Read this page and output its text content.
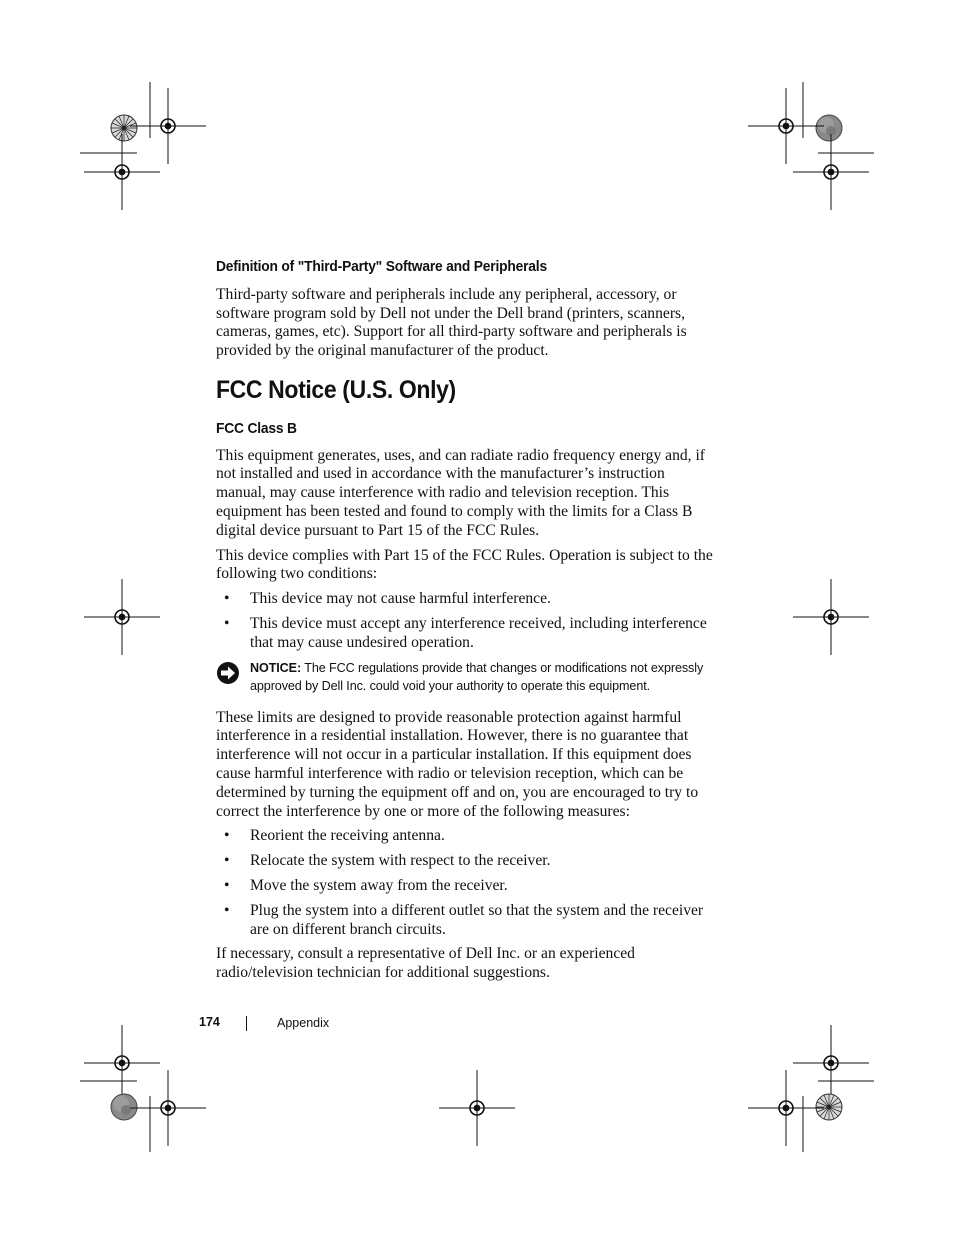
Definition of "Third-Party" Software and Peripherals

Third-party software and peripherals include any peripheral, accessory, or software program sold by Dell not under the Dell brand (printers, scanners, cameras, games, etc). Support for all third-party software and peripherals is provided by the original manufacturer of the product.

FCC Notice (U.S. Only)
FCC Class B

This equipment generates, uses, and can radiate radio frequency energy and, if not installed and used in accordance with the manufacturer’s instruction manual, may cause interference with radio and television reception. This equipment has been tested and found to comply with the limits for a Class B digital device pursuant to Part 15 of the FCC Rules.

This device complies with Part 15 of the FCC Rules. Operation is subject to the following two conditions:

• This device may not cause harmful interference.
• This device must accept any interference received, including interference that may cause undesired operation.
NOTICE: The FCC regulations provide that changes or modifications not expressly approved by Dell Inc. could void your authority to operate this equipment.

These limits are designed to provide reasonable protection against harmful interference in a residential installation. However, there is no guarantee that interference will not occur in a particular installation. If this equipment does cause harmful interference with radio or television reception, which can be determined by turning the equipment off and on, you are encouraged to try to correct the interference by one or more of the following measures:

• Reorient the receiving antenna.
• Relocate the system with respect to the receiver.
• Move the system away from the receiver.
• Plug the system into a different outlet so that the system and the receiver are on different branch circuits.

If necessary, consult a representative of Dell Inc. or an experienced radio/television technician for additional suggestions.

174	Appendix
